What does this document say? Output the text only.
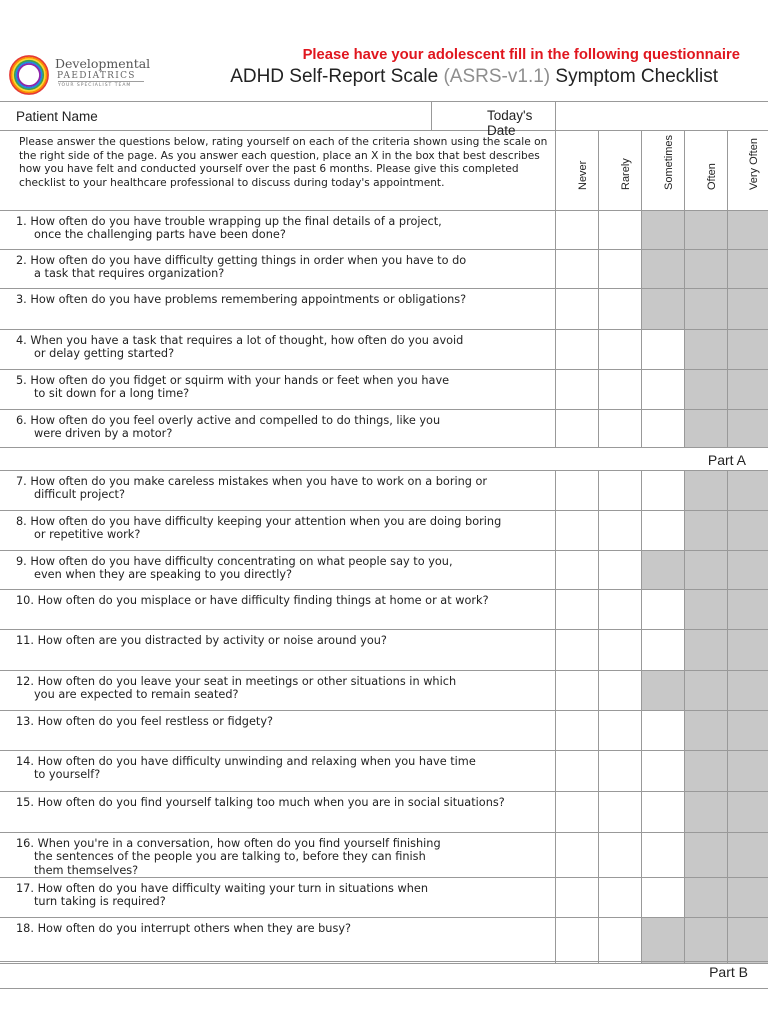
Developmental
PAEDIATRICS
YOUR SPECIALIST TEAM
Please have your adolescent fill in the following questionnaire
ADHD Self-Report Scale (ASRS-v1.1) Symptom Checklist
Patient Name Today's Date					

Please answer the questions below, rating yourself on each of the criteria shown using the scale on the right side of the page. As you answer each question, place an X in the box that best describes how you have felt and conducted yourself over the past 6 months. Please give this completed checklist to your healthcare professional to discuss during today's appointment.	Never	Rarely	Sometimes	Often	Very Often

1. How often do you have trouble wrapping up the final details of a project,
once the challenging parts have been done?					

2. How often do you have difficulty getting things in order when you have to do
a task that requires organization?					

3. How often do you have problems remembering appointments or obligations?					

4. When you have a task that requires a lot of thought, how often do you avoid
or delay getting started?					

5. How often do you fidget or squirm with your hands or feet when you have
to sit down for a long time?					

6. How often do you feel overly active and compelled to do things, like you
were driven by a motor?					

Part A					

7. How often do you make careless mistakes when you have to work on a boring or
difficult project?					

8. How often do you have difficulty keeping your attention when you are doing boring
or repetitive work?					

9. How often do you have difficulty concentrating on what people say to you,
even when they are speaking to you directly?					

10. How often do you misplace or have difficulty finding things at home or at work?					

11. How often are you distracted by activity or noise around you?					

12. How often do you leave your seat in meetings or other situations in which
you are expected to remain seated?					

13. How often do you feel restless or fidgety?					

14. How often do you have difficulty unwinding and relaxing when you have time
to yourself?					

15. How often do you find yourself talking too much when you are in social situations?					

16. When you're in a conversation, how often do you find yourself finishing
the sentences of the people you are talking to, before they can finish
them themselves?					

17. How often do you have difficulty waiting your turn in situations when
turn taking is required?					

18. How often do you interrupt others when they are busy?					

Part B
